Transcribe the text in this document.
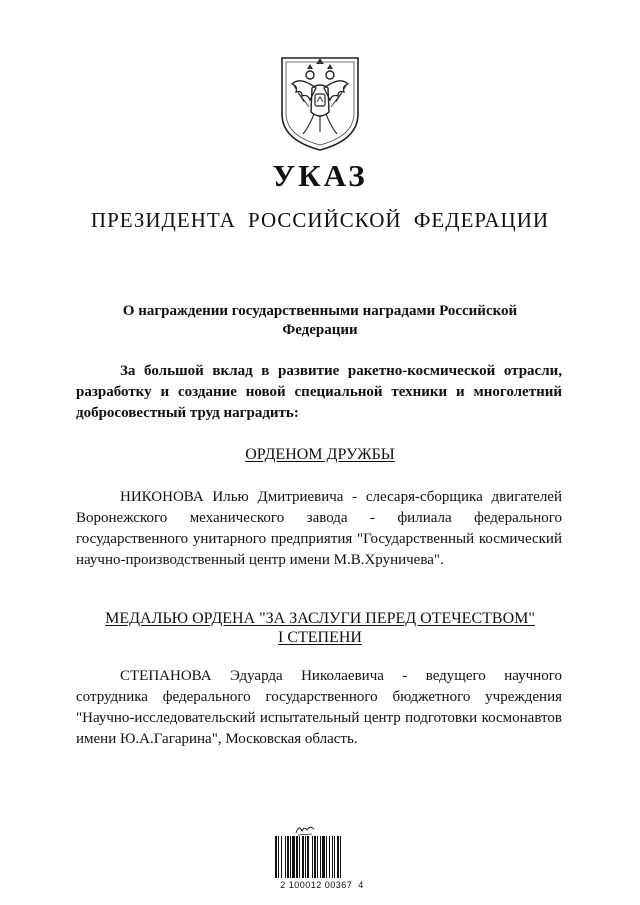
УКАЗ
ПРЕЗИДЕНТА РОССИЙСКОЙ ФЕДЕРАЦИИ
О награждении государственными наградами Российской Федерации
За большой вклад в развитие ракетно-космической отрасли, разработку и создание новой специальной техники и многолетний добросовестный труд наградить:
ОРДЕНОМ ДРУЖБЫ
НИКОНОВА Илью Дмитриевича - слесаря-сборщика двигателей Воронежского механического завода - филиала федерального государственного унитарного предприятия "Государственный космический научно-производственный центр имени М.В.Хруничева".
МЕДАЛЬЮ ОРДЕНА "ЗА ЗАСЛУГИ ПЕРЕД ОТЕЧЕСТВОМ"
I СТЕПЕНИ
СТЕПАНОВА Эдуарда Николаевича - ведущего научного сотрудника федерального государственного бюджетного учреждения "Научно-исследовательский испытательный центр подготовки космонавтов имени Ю.А.Гагарина", Московская область.
2 100012 00367  4
